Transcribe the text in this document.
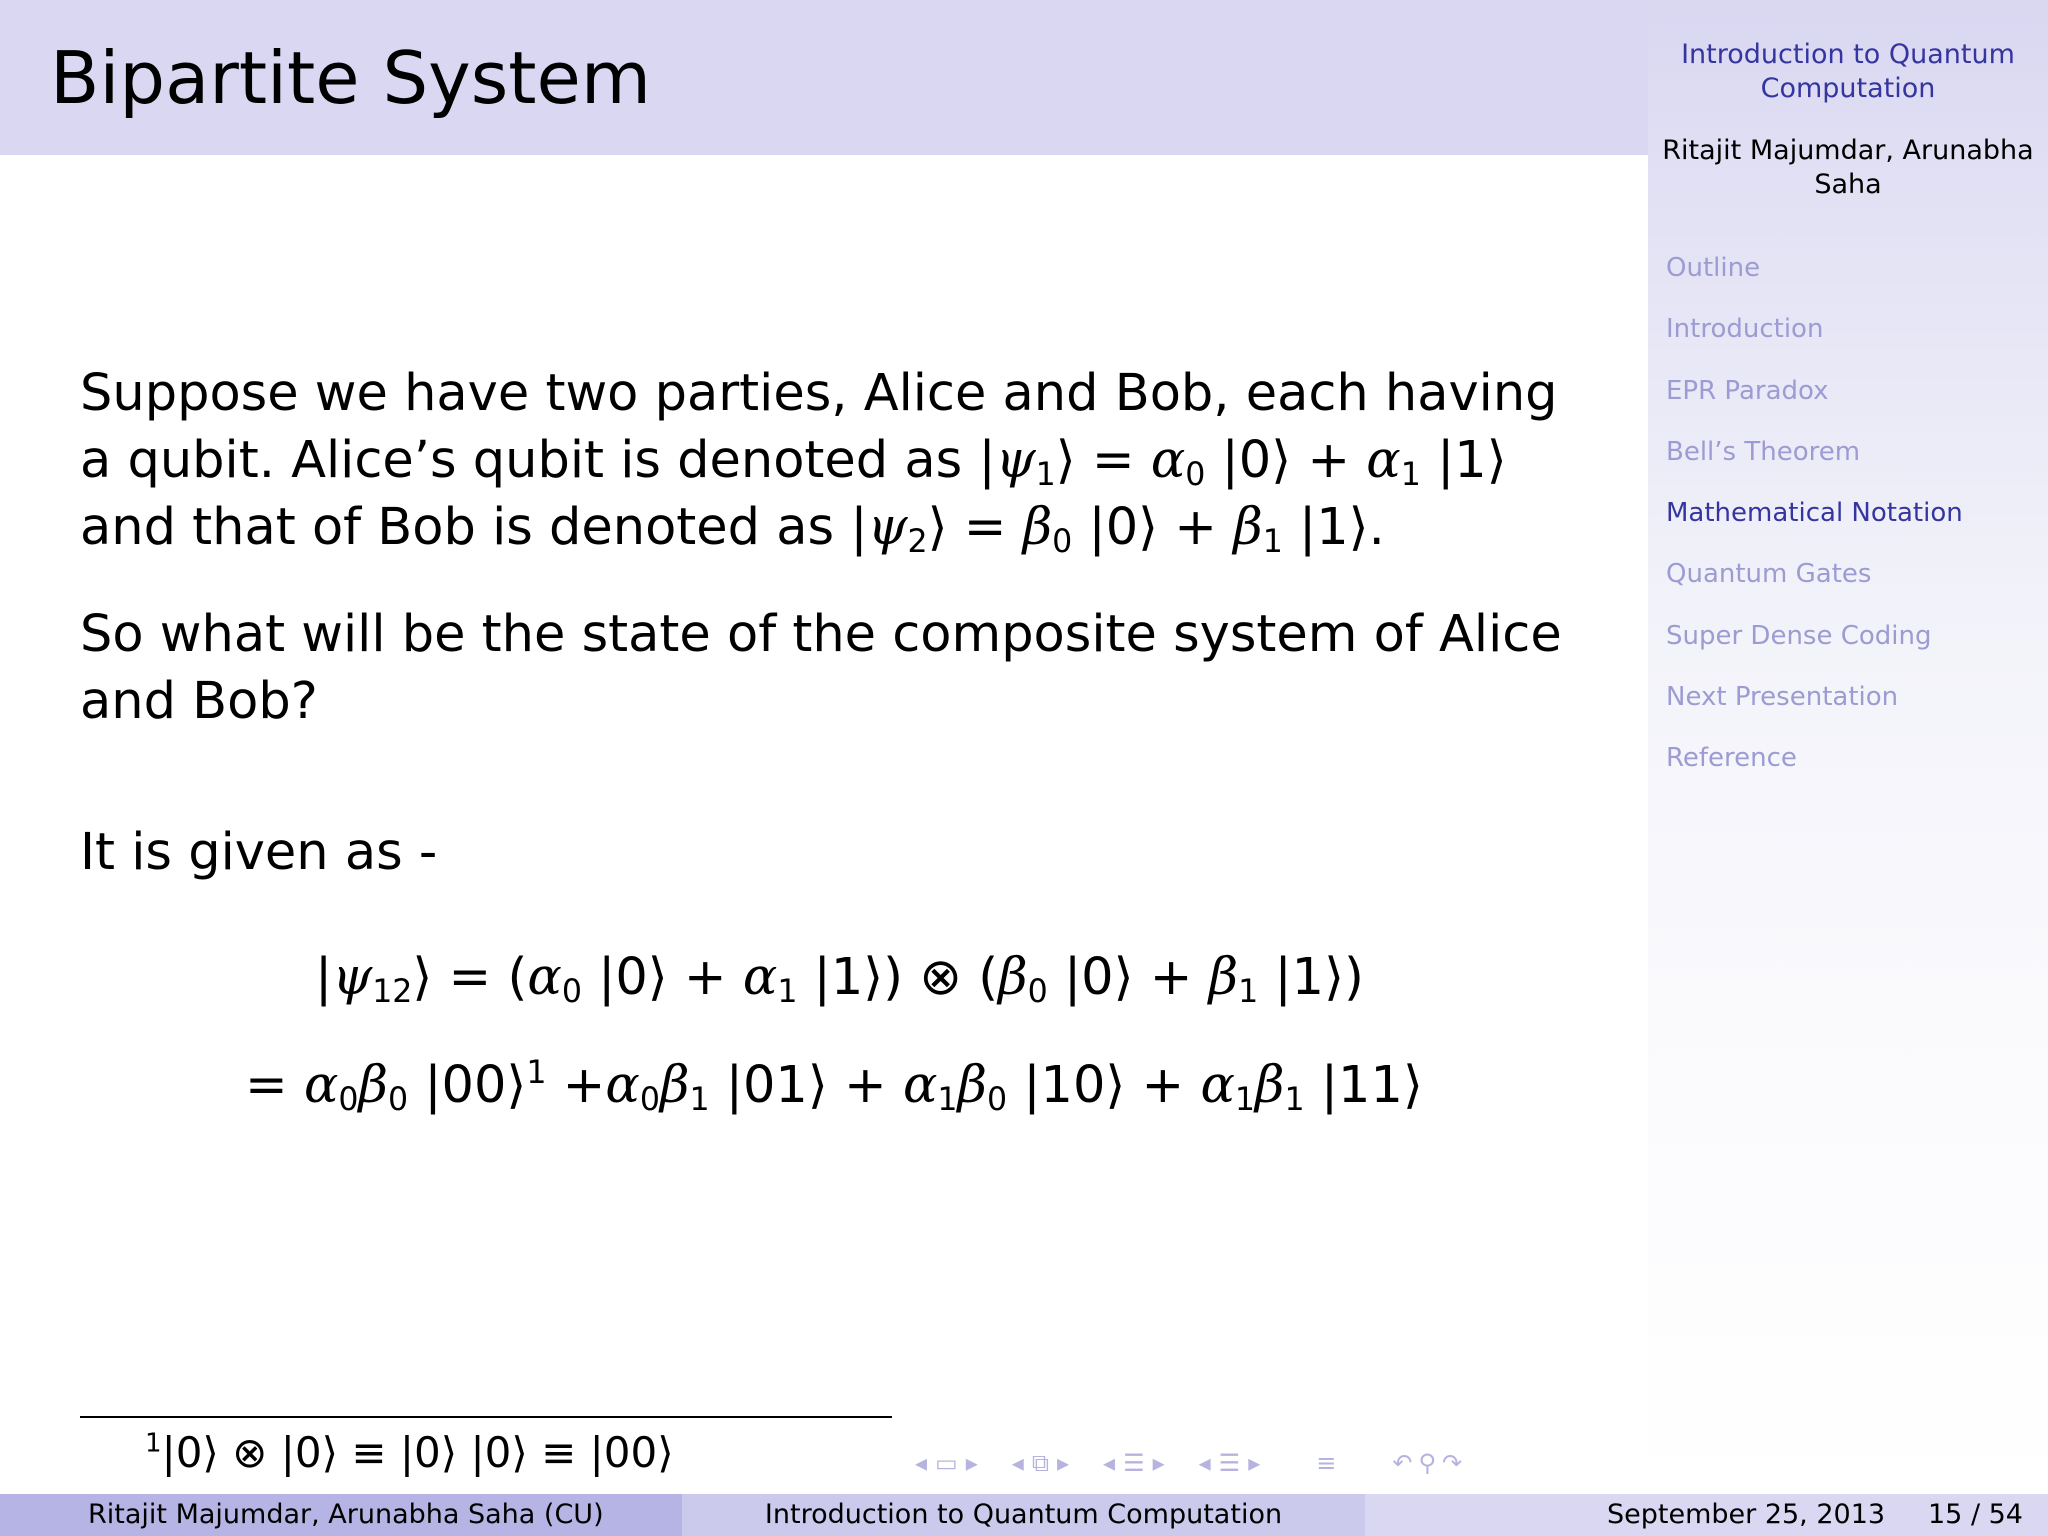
Bipartite System	Introduction to Quantum Computation
Ritajit Majumdar, Arunabha Saha
Outline
Introduction
EPR Paradox
Bell’s Theorem
Mathematical Notation
Quantum Gates
Super Dense Coding
Next Presentation
Reference

Suppose we have two parties, Alice and Bob, each having a qubit. Alice’s qubit is denoted as $|\psi_1⟩ = \alpha_0$ |0⟩ + $\alpha_1$ |1⟩ and that of Bob is denoted as $|\psi_2⟩ = \beta_0$ |0⟩ + $\beta_1$ |1⟩.

So what will be the state of the composite system of Alice and Bob?

It is given as -

$|\psi_{12}⟩ = (\alpha_0$ |0⟩ + $\alpha_1$ |1⟩) ⊗ ($\beta_0$ |0⟩ + $\beta_1$ |1⟩)
= $\alpha_0\beta_0$ |00⟩$^1$ $+\alpha_0\beta_1$ |01⟩ + $\alpha_1\beta_0$ |10⟩ + $\alpha_1\beta_1$ |11⟩
$^1$|0⟩ ⊗ |0⟩ ≡ |0⟩ |0⟩ ≡ |00⟩	◂ ▭ ▸ ◂ ⧉ ▸ ◂ ☰ ▸ ◂ ☰ ▸ ≡ ↶ ⚲ ↷
Ritajit Majumdar, Arunabha Saha (CU)	Introduction to Quantum Computation	September 25, 2013 15 / 54
